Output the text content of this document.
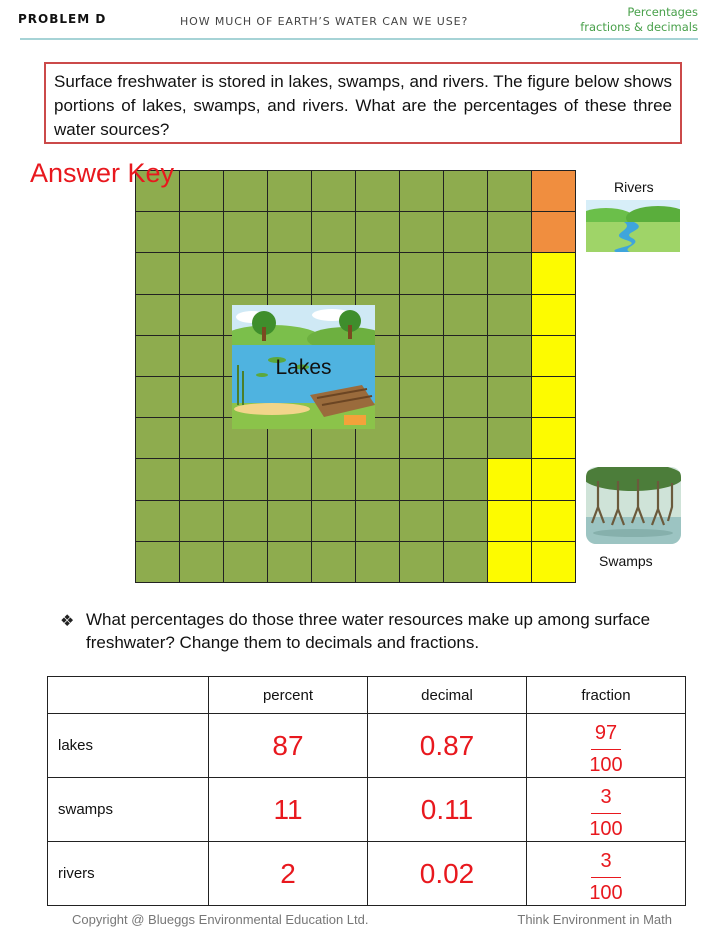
PROBLEM D	HOW MUCH OF EARTH’S WATER CAN WE USE?
Percentages
fractions & decimals
Surface freshwater is stored in lakes, swamps, and rivers. The figure below shows portions of lakes, swamps, and rivers. What are the percentages of these three water sources?
Answer Key
Lakes
Rivers
Swamps
❖ What percentages do those three water resources make up among surface freshwater? Change them to decimals and fractions.
	percent	decimal	fraction
lakes	87	0.87	$\frac{97}{100}$

swamps	11	0.11	$\frac{3}{100}$

rivers	2	0.02	$\frac{3}{100}$
Copyright @ Blueggs Environmental Education Ltd.	Think Environment in Math
